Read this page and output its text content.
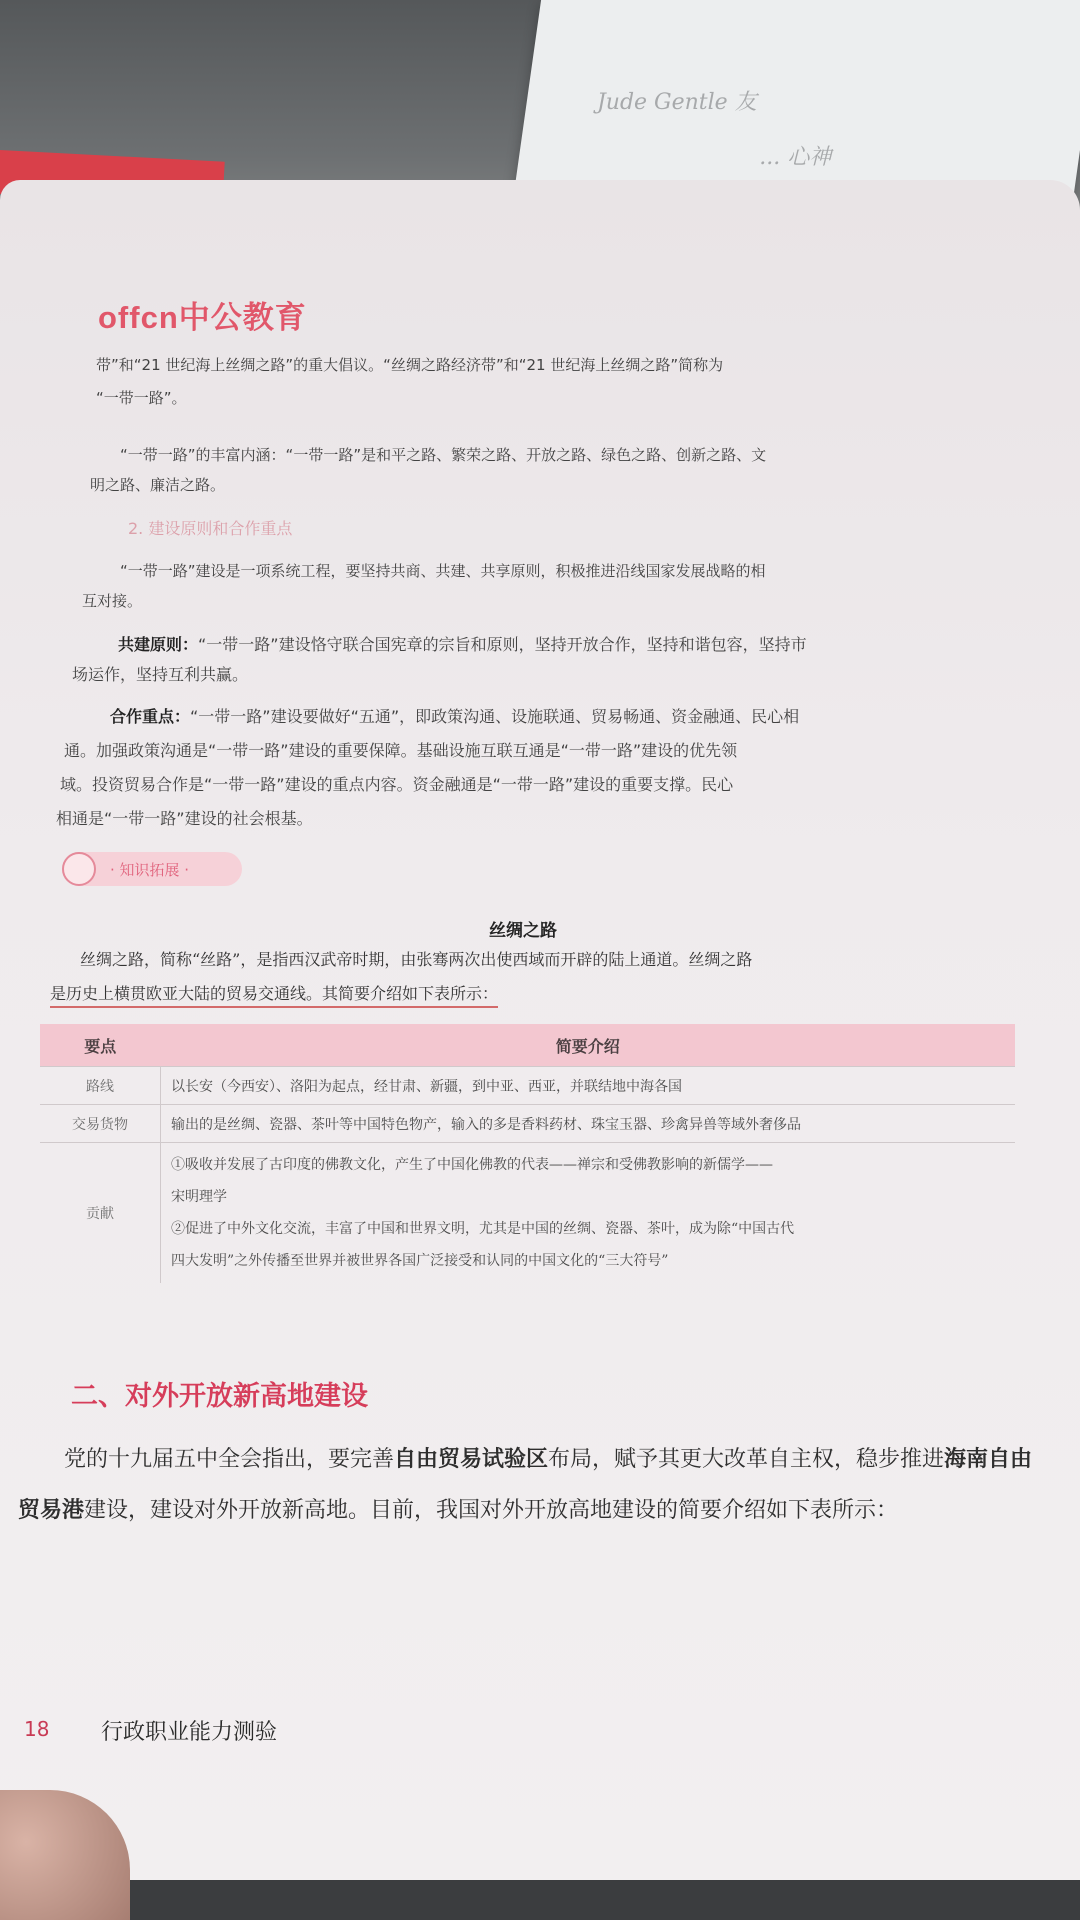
Jude Gentle 友
... 心神
offcn中公教育
带”和“21 世纪海上丝绸之路”的重大倡议。“丝绸之路经济带”和“21 世纪海上丝绸之路”简称为
“一带一路”。
“一带一路”的丰富内涵：“一带一路”是和平之路、繁荣之路、开放之路、绿色之路、创新之路、文
明之路、廉洁之路。
2. 建设原则和合作重点
“一带一路”建设是一项系统工程，要坚持共商、共建、共享原则，积极推进沿线国家发展战略的相
互对接。
共建原则：“一带一路”建设恪守联合国宪章的宗旨和原则，坚持开放合作，坚持和谐包容，坚持市
场运作，坚持互利共赢。
合作重点：“一带一路”建设要做好“五通”，即政策沟通、设施联通、贸易畅通、资金融通、民心相
通。加强政策沟通是“一带一路”建设的重要保障。基础设施互联互通是“一带一路”建设的优先领
域。投资贸易合作是“一带一路”建设的重点内容。资金融通是“一带一路”建设的重要支撑。民心
相通是“一带一路”建设的社会根基。
· 知识拓展 ·
丝绸之路
丝绸之路，简称“丝路”，是指西汉武帝时期，由张骞两次出使西域而开辟的陆上通道。丝绸之路
是历史上横贯欧亚大陆的贸易交通线。其简要介绍如下表所示：
要点	简要介绍
路线	以长安（今西安）、洛阳为起点，经甘肃、新疆，到中亚、西亚，并联结地中海各国
交易货物	输出的是丝绸、瓷器、茶叶等中国特色物产，输入的多是香料药材、珠宝玉器、珍禽异兽等域外奢侈品
贡献	①吸收并发展了古印度的佛教文化，产生了中国化佛教的代表——禅宗和受佛教影响的新儒学——
宋明理学
②促进了中外文化交流，丰富了中国和世界文明，尤其是中国的丝绸、瓷器、茶叶，成为除“中国古代
四大发明”之外传播至世界并被世界各国广泛接受和认同的中国文化的“三大符号”
二、对外开放新高地建设
党的十九届五中全会指出，要完善自由贸易试验区布局，赋予其更大改革自主权，稳步推进海南自由贸易港建设，建设对外开放新高地。目前，我国对外开放高地建设的简要介绍如下表所示：
18 行政职业能力测验
